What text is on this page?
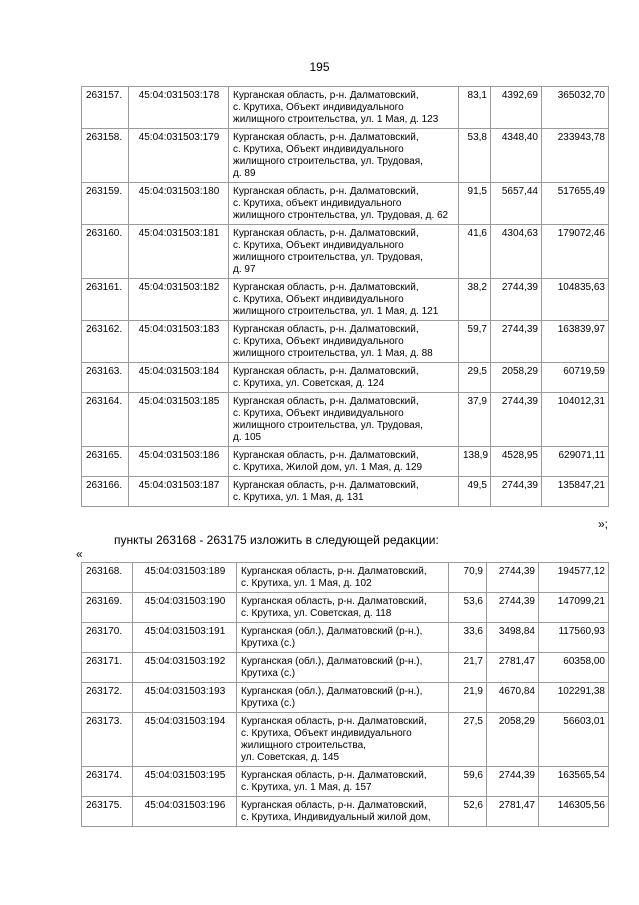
195
263157.	45:04:031503:178	Курганская область, р-н. Далматовский,
с. Крутиха, Объект индивидуального
жилищного строительства, ул. 1 Мая, д. 123	83,1	4392,69	365032,70
263158.	45:04:031503:179	Курганская область, р-н. Далматовский,
с. Крутиха, Объект индивидуального
жилищного строительства, ул. Трудовая,
д. 89	53,8	4348,40	233943,78
263159.	45:04:031503:180	Курганская область, р-н. Далматовский,
с. Крутиха, объект индивидуального
жилищного стронтельства, ул. Трудовая, д. 62	91,5	5657,44	517655,49
263160.	45:04:031503:181	Курганская область, р-н. Далматовский,
с. Крутиха, Объект индивидуального
жилищного строительства, ул. Трудовая,
д. 97	41,6	4304,63	179072,46
263161.	45:04:031503:182	Курганская область, р-н. Далматовский,
с. Крутиха, Объект индивидуального
жилищного строительства, ул. 1 Мая, д. 121	38,2	2744,39	104835,63
263162.	45:04:031503:183	Курганская область, р-н. Далматовский,
с. Крутиха, Объект индивидуального
жилищного строительства, ул. 1 Мая, д. 88	59,7	2744,39	163839,97
263163.	45:04:031503:184	Курганская область, р-н. Далматовский,
с. Крутиха, ул. Советская, д. 124	29,5	2058,29	60719,59
263164.	45:04:031503:185	Курганская область, р-н. Далматовский,
с. Крутиха, Объект индивидуального
жилищного строительства, ул. Трудовая,
д. 105	37,9	2744,39	104012,31
263165.	45:04:031503:186	Курганская область, р-н. Далматовский,
с. Крутиха, Жилой дом, ул. 1 Мая, д. 129	138,9	4528,95	629071,11
263166.	45:04:031503:187	Курганская область, р-н. Далматовский,
с. Крутиха, ул. 1 Мая, д. 131	49,5	2744,39	135847,21
»;
пункты 263168 - 263175 изложить в следующей редакции:
«
263168.	45:04:031503:189	Курганская область, р-н. Далматовский,
с. Крутиха, ул. 1 Мая, д. 102	70,9	2744,39	194577,12
263169.	45:04:031503:190	Курганская область, р-н. Далматовский,
с. Крутиха, ул. Советская, д. 118	53,6	2744,39	147099,21
263170.	45:04:031503:191	Курганская (обл.), Далматовский (р-н.),
Крутиха (с.)	33,6	3498,84	117560,93
263171.	45:04:031503:192	Курганская (обл.), Далматовский (р-н.),
Крутиха (с.)	21,7	2781,47	60358,00
263172.	45:04:031503:193	Курганская (обл.), Далматовский (р-н.),
Крутиха (с.)	21,9	4670,84	102291,38
263173.	45:04:031503:194	Курганская область, р-н. Далматовский,
с. Крутиха, Объект индивидуального
жилищного строительства,
ул. Советская, д. 145	27,5	2058,29	56603,01
263174.	45:04:031503:195	Курганская область, р-н. Далматовский,
с. Крутиха, ул. 1 Мая, д. 157	59,6	2744,39	163565,54
263175.	45:04:031503:196	Курганская область, р-н. Далматовский,
с. Крутиха, Индивидуальный жилой дом,	52,6	2781,47	146305,56
